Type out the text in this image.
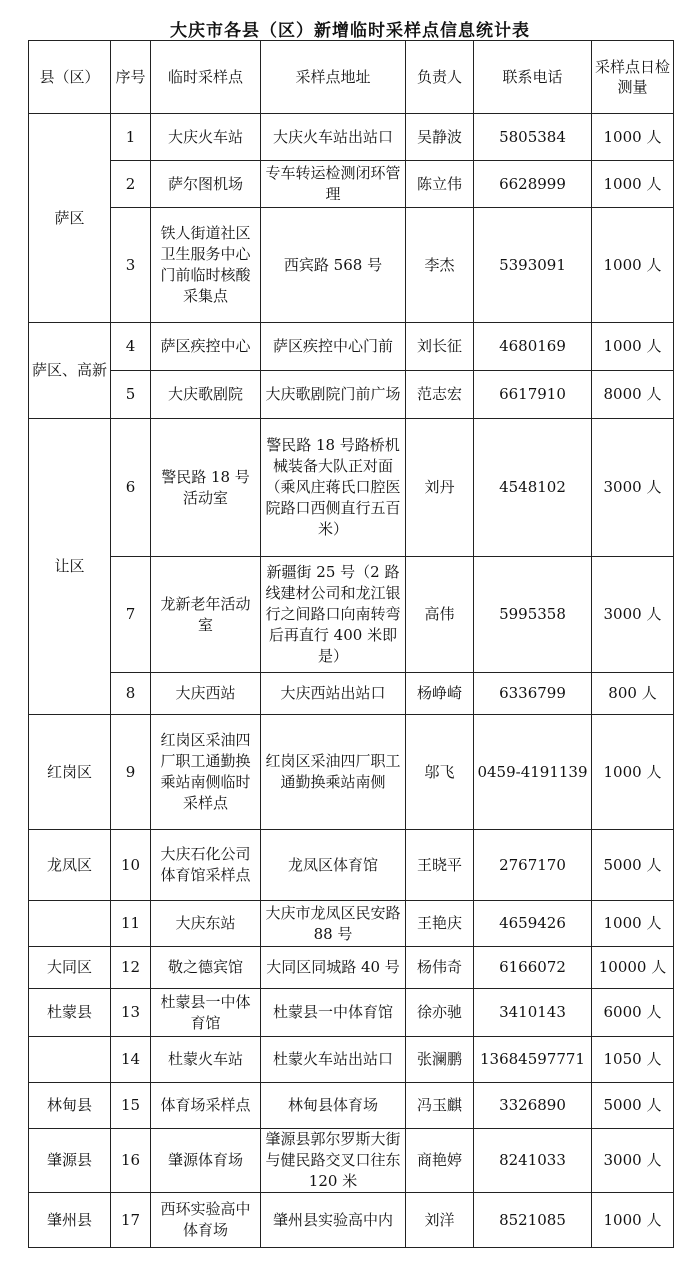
大庆市各县（区）新增临时采样点信息统计表
县（区）	序号	临时采样点	采样点地址	负责人	联系电话	采样点日检测量
萨区	1	大庆火车站	大庆火车站出站口	吴静波	5805384	1000 人
	2	萨尔图机场	专车转运检测闭环管理	陈立伟	6628999	1000 人
	3	铁人街道社区卫生服务中心门前临时核酸采集点	西宾路 568 号	李杰	5393091	1000 人
萨区、高新	4	萨区疾控中心	萨区疾控中心门前	刘长征	4680169	1000 人
	5	大庆歌剧院	大庆歌剧院门前广场	范志宏	6617910	8000 人
让区	6	警民路 18 号活动室	警民路 18 号路桥机械装备大队正对面（乘风庄蒋氏口腔医院路口西侧直行五百米）	刘丹	4548102	3000 人
	7	龙新老年活动室	新疆街 25 号（2 路线建材公司和龙江银行之间路口向南转弯后再直行 400 米即是）	高伟	5995358	3000 人
	8	大庆西站	大庆西站出站口	杨峥崎	6336799	800 人
红岗区	9	红岗区采油四厂职工通勤换乘站南侧临时采样点	红岗区采油四厂职工通勤换乘站南侧	邬飞	0459-4191139	1000 人
龙凤区	10	大庆石化公司体育馆采样点	龙凤区体育馆	王晓平	2767170	5000 人
	11	大庆东站	大庆市龙凤区民安路 88 号	王艳庆	4659426	1000 人
大同区	12	敬之德宾馆	大同区同城路 40 号	杨伟奇	6166072	10000 人
杜蒙县	13	杜蒙县一中体育馆	杜蒙县一中体育馆	徐亦驰	3410143	6000 人
	14	杜蒙火车站	杜蒙火车站出站口	张澜鹏	13684597771	1050 人
林甸县	15	体育场采样点	林甸县体育场	冯玉麒	3326890	5000 人
肇源县	16	肇源体育场	肇源县郭尔罗斯大街与健民路交叉口往东 120 米	商艳婷	8241033	3000 人
肇州县	17	西环实验高中体育场	肇州县实验高中内	刘洋	8521085	1000 人
